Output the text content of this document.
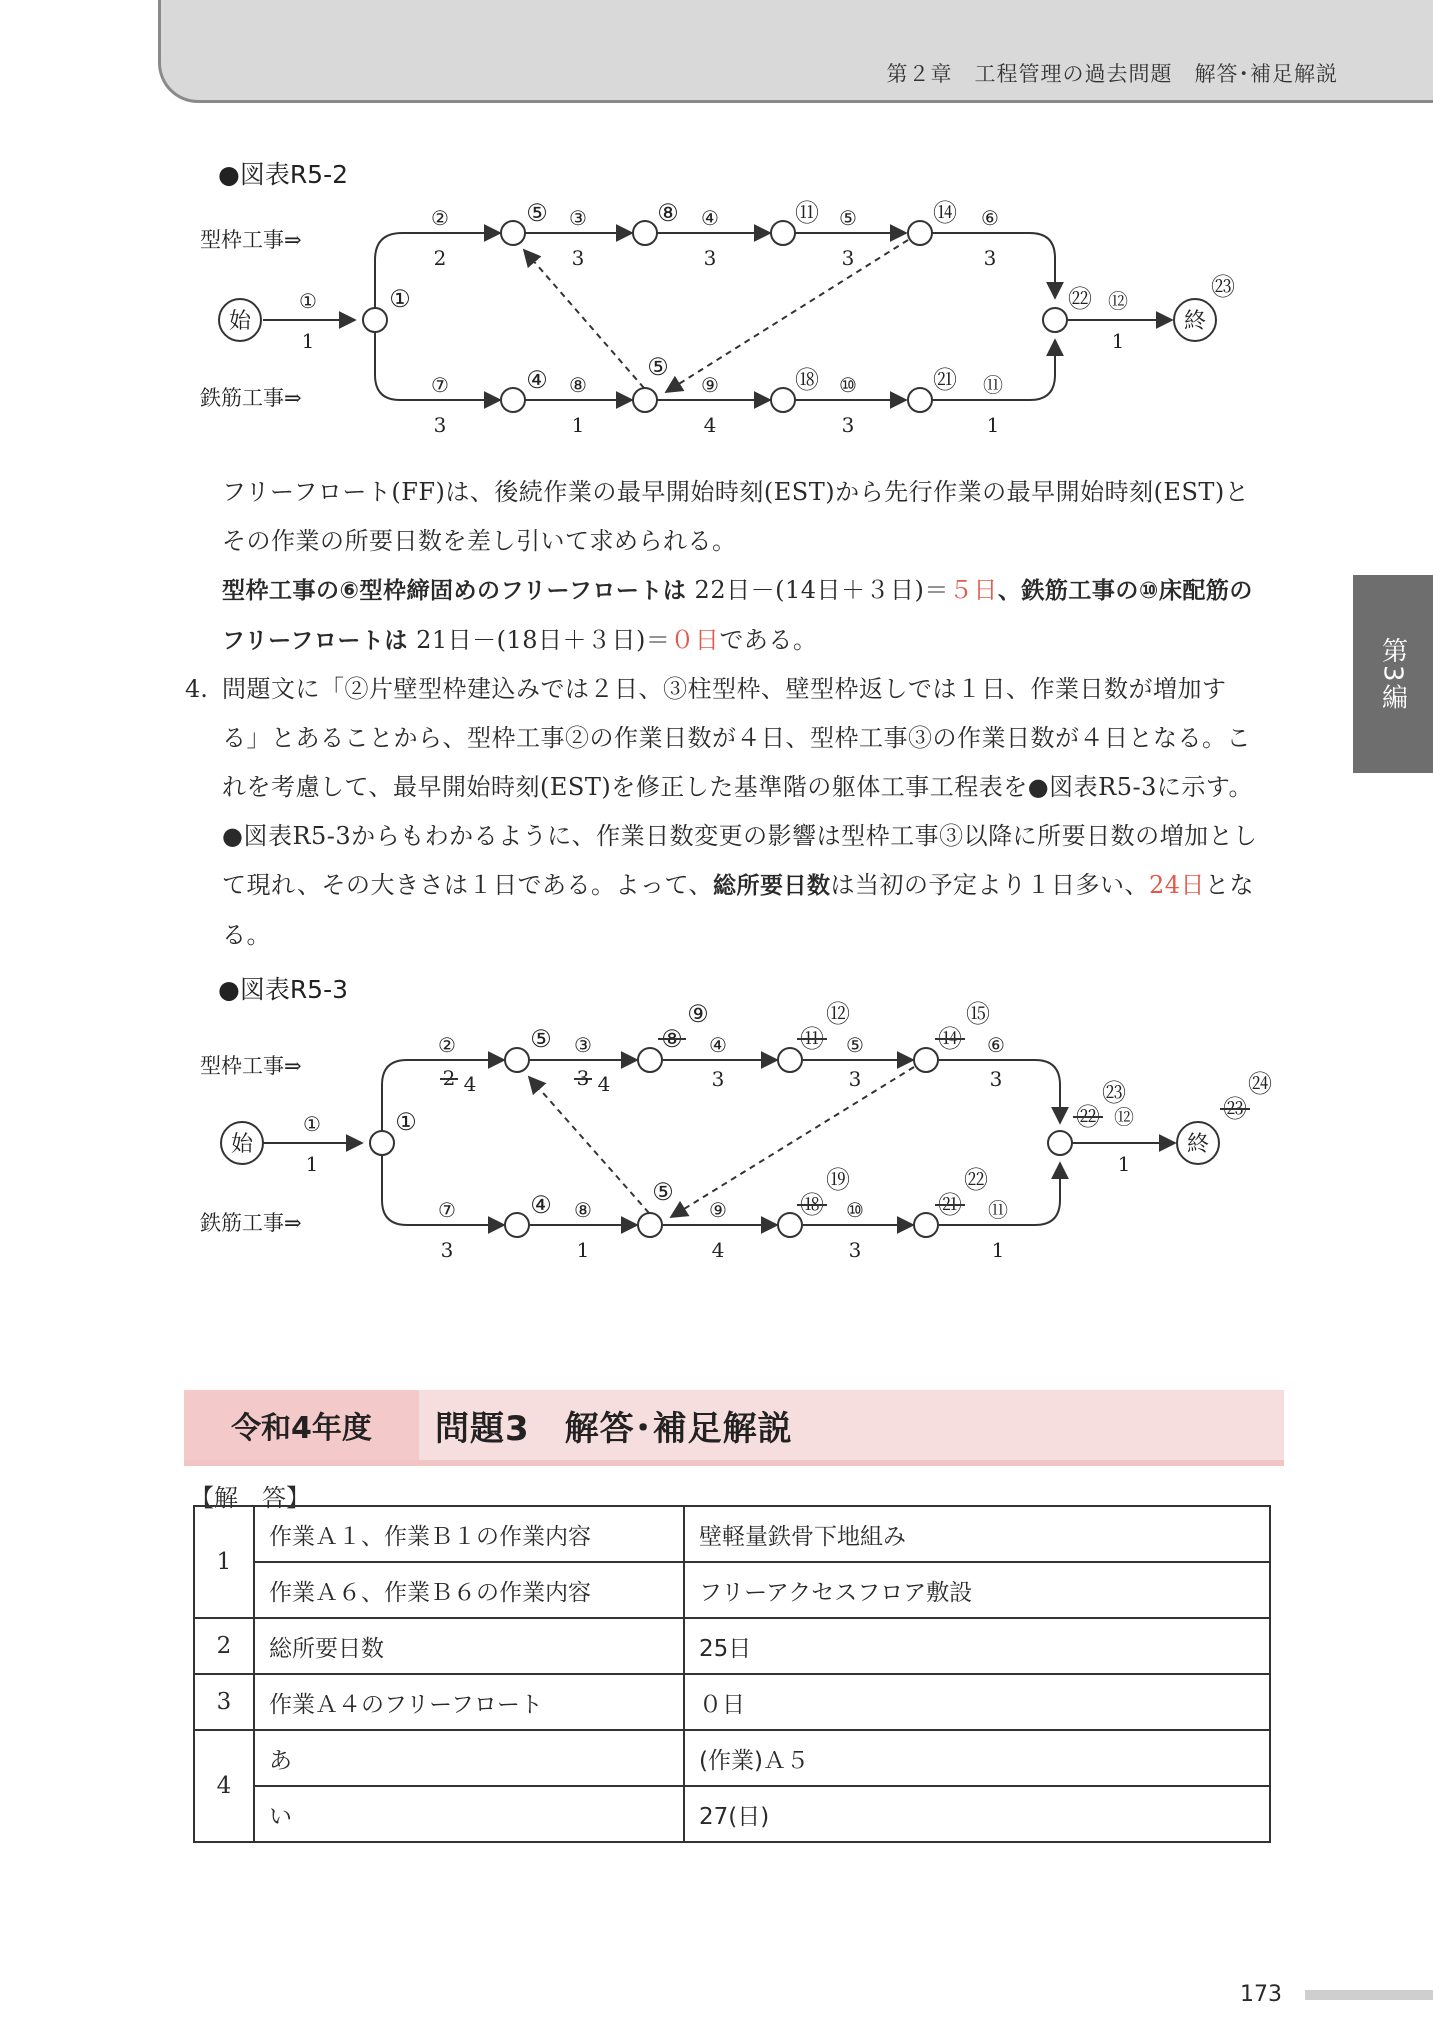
第２章　工程管理の過去問題　解答･補足解説
第3編
●図表R5-2
始	終
型枠工事⇒
鉄筋工事⇒
①
⑤	⑧	⑪	⑭
㉒	㉓
④	⑤	⑱	㉑
①
1
②
2
③
3
④
3
⑤
3
⑥
3
⑦
3
⑧
1
⑨
4
⑩
3
⑪
1
⑫
1

フリーフロート(FF)は、後続作業の最早開始時刻(EST)から先行作業の最早開始時刻(EST)とその作業の所要日数を差し引いて求められる。

型枠工事の⑥型枠締固めのフリーフロートは 22日－(14日＋３日)＝５日、鉄筋工事の⑩床配筋のフリーフロートは 21日－(18日＋３日)＝０日である。

4. 問題文に「②片壁型枠建込みでは２日、③柱型枠、壁型枠返しでは１日、作業日数が増加する」とあることから、型枠工事②の作業日数が４日、型枠工事③の作業日数が４日となる。これを考慮して、最早開始時刻(EST)を修正した基準階の躯体工事工程表を●図表R5-3に示す。●図表R5-3からもわかるように、作業日数変更の影響は型枠工事③以降に所要日数の増加として現れ、その大きさは１日である。よって、総所要日数は当初の予定より１日多い、24日となる。

●図表R5-3
始	終
型枠工事⇒
鉄筋工事⇒
①
⑤	⑧
⑨
⑪
⑫
⑭
⑮
㉒
㉓
㉓
㉔
④	⑤	⑱
⑲
㉑
㉒
①
1
②
2 4
③
3 4
④
3
⑤
3
⑥
3
⑦
3
⑧
1
⑨
4
⑩
3
⑪
1
⑫
1
令和4年度	問題3　解答･補足解説
【解　答】
1	作業Ａ１、作業Ｂ１の作業内容	壁軽量鉄骨下地組み
	作業Ａ６、作業Ｂ６の作業内容	フリーアクセスフロア敷設
2	総所要日数	25日
3	作業Ａ４のフリーフロート	０日
4	あ	(作業)Ａ５
	い	27(日)
173
